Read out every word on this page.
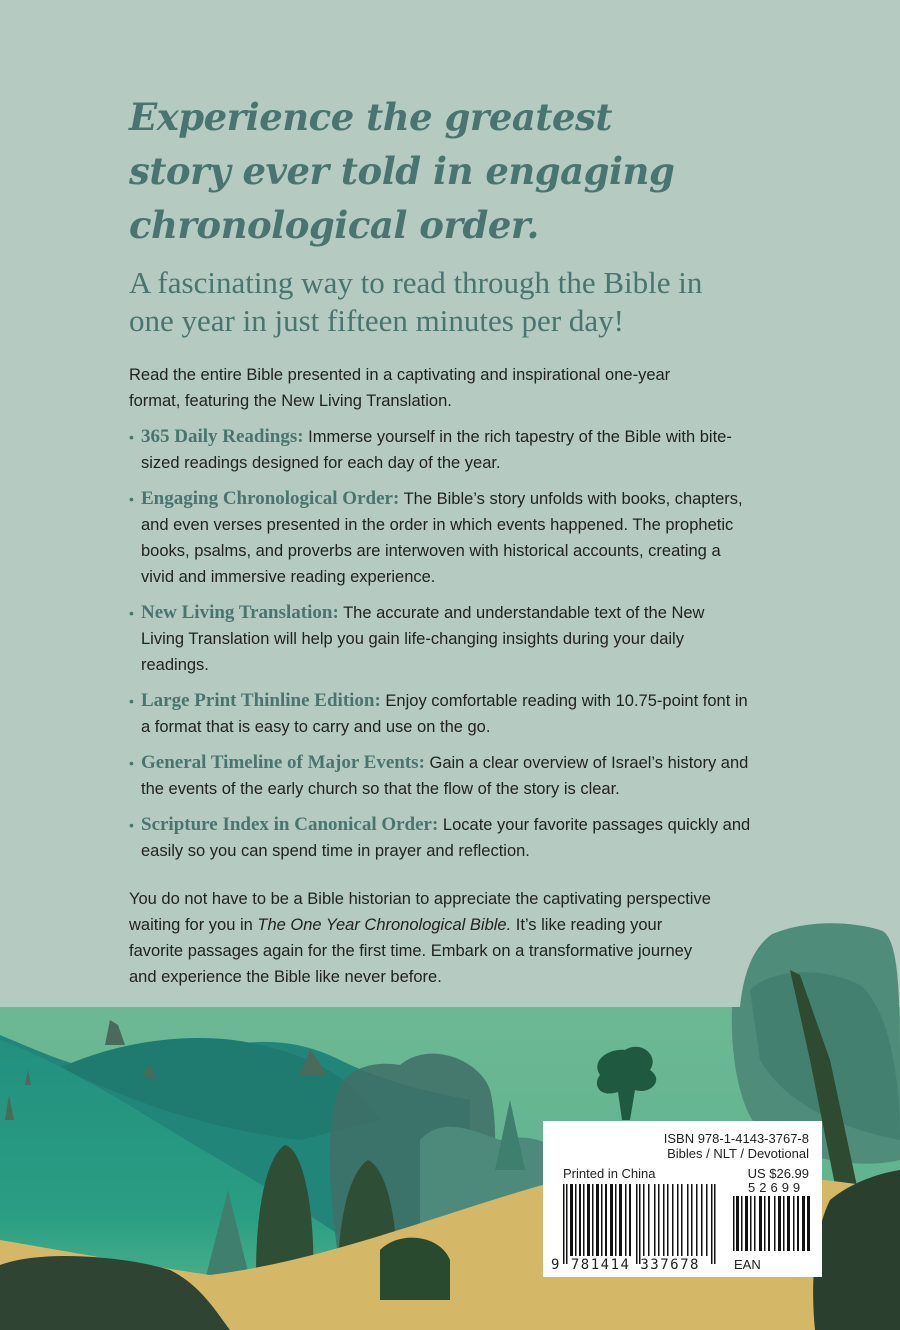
Experience the greatest story ever told in engaging chronological order.

A fascinating way to read through the Bible in one year in just fifteen minutes per day!

Read the entire Bible presented in a captivating and inspirational one-year format, featuring the New Living Translation.

• 365 Daily Readings: Immerse yourself in the rich tapestry of the Bible with bite-sized readings designed for each day of the year.
• Engaging Chronological Order: The Bible’s story unfolds with books, chapters, and even verses presented in the order in which events happened. The prophetic books, psalms, and proverbs are interwoven with historical accounts, creating a vivid and immersive reading experience.
• New Living Translation: The accurate and understandable text of the New Living Translation will help you gain life-changing insights during your daily readings.
• Large Print Thinline Edition: Enjoy comfortable reading with 10.75-point font in a format that is easy to carry and use on the go.
• General Timeline of Major Events: Gain a clear overview of Israel’s history and the events of the early church so that the flow of the story is clear.
• Scripture Index in Canonical Order: Locate your favorite passages quickly and easily so you can spend time in prayer and reflection.

You do not have to be a Bible historian to appreciate the captivating perspective waiting for you in The One Year Chronological Bible. It’s like reading your favorite passages again for the first time. Embark on a transformative journey and experience the Bible like never before.

ISBN 978-1-4143-3767-8
Bibles / NLT / Devotional
Printed in China	US $26.99
52699
9 781414 337678	EAN
